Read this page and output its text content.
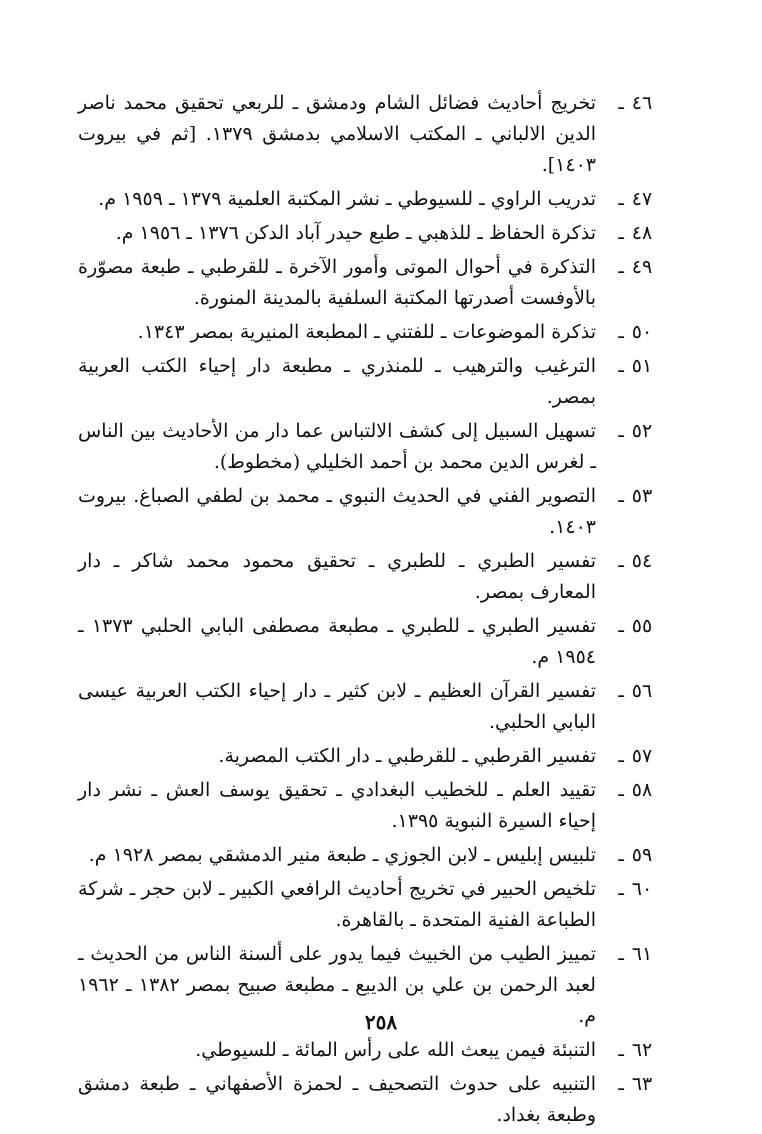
٤٦
ـ
تخريج أحاديث فضائل الشام ودمشق ـ للربعي تحقيق محمد ناصر الدين الالباني ـ المكتب الاسلامي بدمشق ١٣٧٩. [ثم في بيروت ١٤٠٣].
٤٧
ـ
تدريب الراوي ـ للسيوطي ـ نشر المكتبة العلمية ١٣٧٩ ـ ١٩٥٩ م.
٤٨
ـ
تذكرة الحفاظ ـ للذهبي ـ طبع حيدر آباد الدكن ١٣٧٦ ـ ١٩٥٦ م.
٤٩
ـ
التذكرة في أحوال الموتى وأمور الآخرة ـ للقرطبي ـ طبعة مصوّرة بالأوفست أصدرتها المكتبة السلفية بالمدينة المنورة.
٥٠
ـ
تذكرة الموضوعات ـ للفتني ـ المطبعة المنيرية بمصر ١٣٤٣.
٥١
ـ
الترغيب والترهيب ـ للمنذري ـ مطبعة دار إحياء الكتب العربية بمصر.
٥٢
ـ
تسهيل السبيل إلى كشف الالتباس عما دار من الأحاديث بين الناس ـ لغرس الدين محمد بن أحمد الخليلي (مخطوط).
٥٣
ـ
التصوير الفني في الحديث النبوي ـ محمد بن لطفي الصباغ. بيروت ١٤٠٣.
٥٤
ـ
تفسير الطبري ـ للطبري ـ تحقيق محمود محمد شاكر ـ دار المعارف بمصر.
٥٥
ـ
تفسير الطبري ـ للطبري ـ مطبعة مصطفى البابي الحلبي ١٣٧٣ ـ ١٩٥٤ م.
٥٦
ـ
تفسير القرآن العظيم ـ لابن كثير ـ دار إحياء الكتب العربية عيسى البابي الحلبي.
٥٧
ـ
تفسير القرطبي ـ للقرطبي ـ دار الكتب المصرية.
٥٨
ـ
تقييد العلم ـ للخطيب البغدادي ـ تحقيق يوسف العش ـ نشر دار إحياء السيرة النبوية ١٣٩٥.
٥٩
ـ
تلبيس إبليس ـ لابن الجوزي ـ طبعة منير الدمشقي بمصر ١٩٢٨ م.
٦٠
ـ
تلخيص الحبير في تخريج أحاديث الرافعي الكبير ـ لابن حجر ـ شركة الطباعة الفنية المتحدة ـ بالقاهرة.
٦١
ـ
تمييز الطيب من الخبيث فيما يدور على ألسنة الناس من الحديث ـ لعبد الرحمن بن علي بن الديبع ـ مطبعة صبيح بمصر ١٣٨٢ ـ ١٩٦٢ م.
٦٢
ـ
التنبئة فيمن يبعث الله على رأس المائة ـ للسيوطي.
٦٣
ـ
التنبيه على حدوث التصحيف ـ لحمزة الأصفهاني ـ طبعة دمشق وطبعة بغداد.
٢٥٨
